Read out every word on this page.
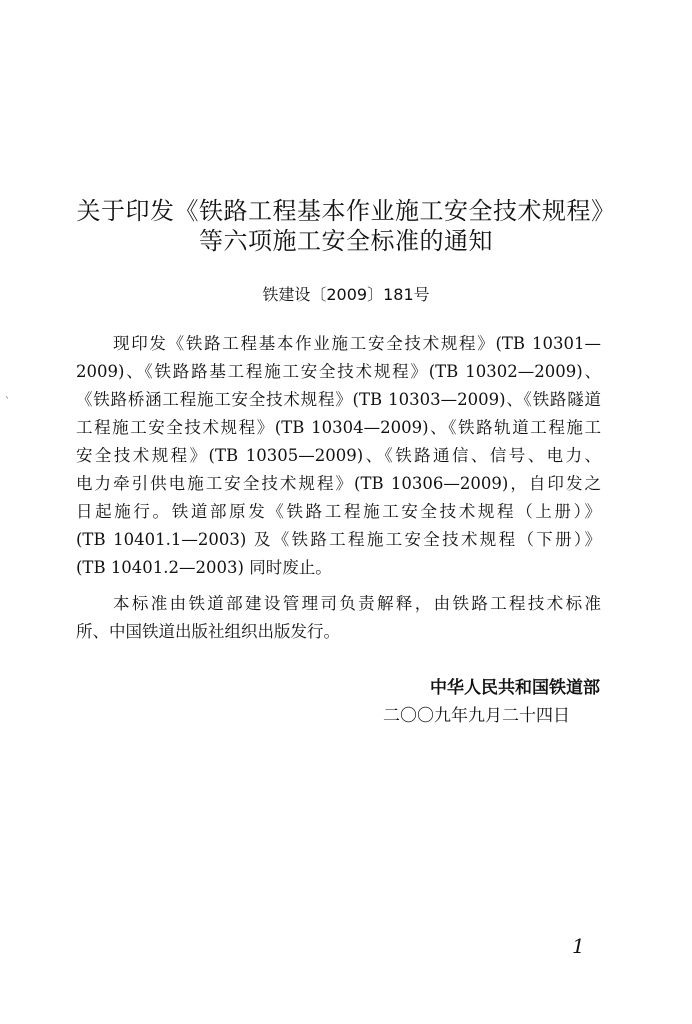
`
关于印发《铁路工程基本作业施工安全技术规程》
等六项施工安全标准的通知
铁建设〔2009〕181号
现印发《铁路工程基本作业施工安全技术规程》(TB 10301—
2009)、《铁路路基工程施工安全技术规程》(TB 10302—2009)、
《铁路桥涵工程施工安全技术规程》(TB 10303—2009)、《铁路隧道
工程施工安全技术规程》(TB 10304—2009)、《铁路轨道工程施工
安全技术规程》(TB 10305—2009)、《铁路通信、信号、电力、
电力牵引供电施工安全技术规程》(TB 10306—2009)，自印发之
日起施行。铁道部原发《铁路工程施工安全技术规程（上册）》
(TB 10401.1—2003) 及《铁路工程施工安全技术规程（下册）》
(TB 10401.2—2003) 同时废止。
本标准由铁道部建设管理司负责解释，由铁路工程技术标准
所、中国铁道出版社组织出版发行。
中华人民共和国铁道部
二〇〇九年九月二十四日
1
